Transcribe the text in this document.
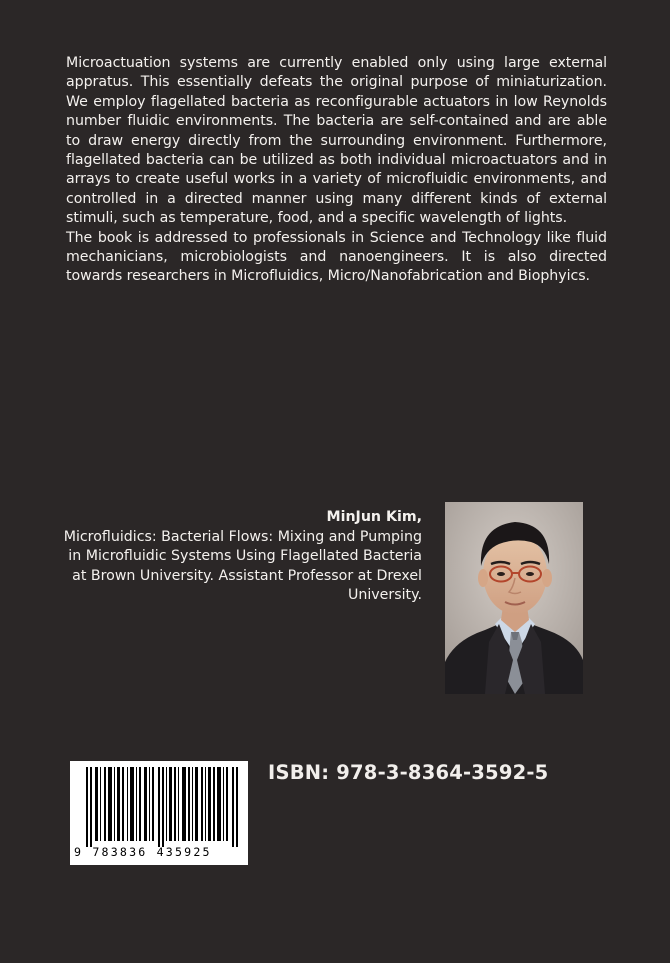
Microactuation systems are currently enabled only using large external appratus. This essentially defeats the original purpose of miniaturization. We employ flagellated bacteria as reconfigurable actuators in low Reynolds number fluidic environments. The bacteria are self-contained and are able to draw energy directly from the surrounding environment. Furthermore, flagellated bacteria can be utilized as both individual microactuators and in arrays to create useful works in a variety of microfluidic environments, and controlled in a directed manner using many different kinds of external stimuli, such as temperature, food, and a specific wavelength of lights.

The book is addressed to professionals in Science and Technology like fluid mechanicians, microbiologists and nanoengineers. It is also directed towards researchers in Microfluidics, Micro/Nanofabrication and Biophyics.

MinJun Kim,
Microfluidics: Bacterial Flows: Mixing and Pumping in Microfluidic Systems Using Flagellated Bacteria at Brown University. Assistant Professor at Drexel University.
9 783836 435925
ISBN: 978-3-8364-3592-5
